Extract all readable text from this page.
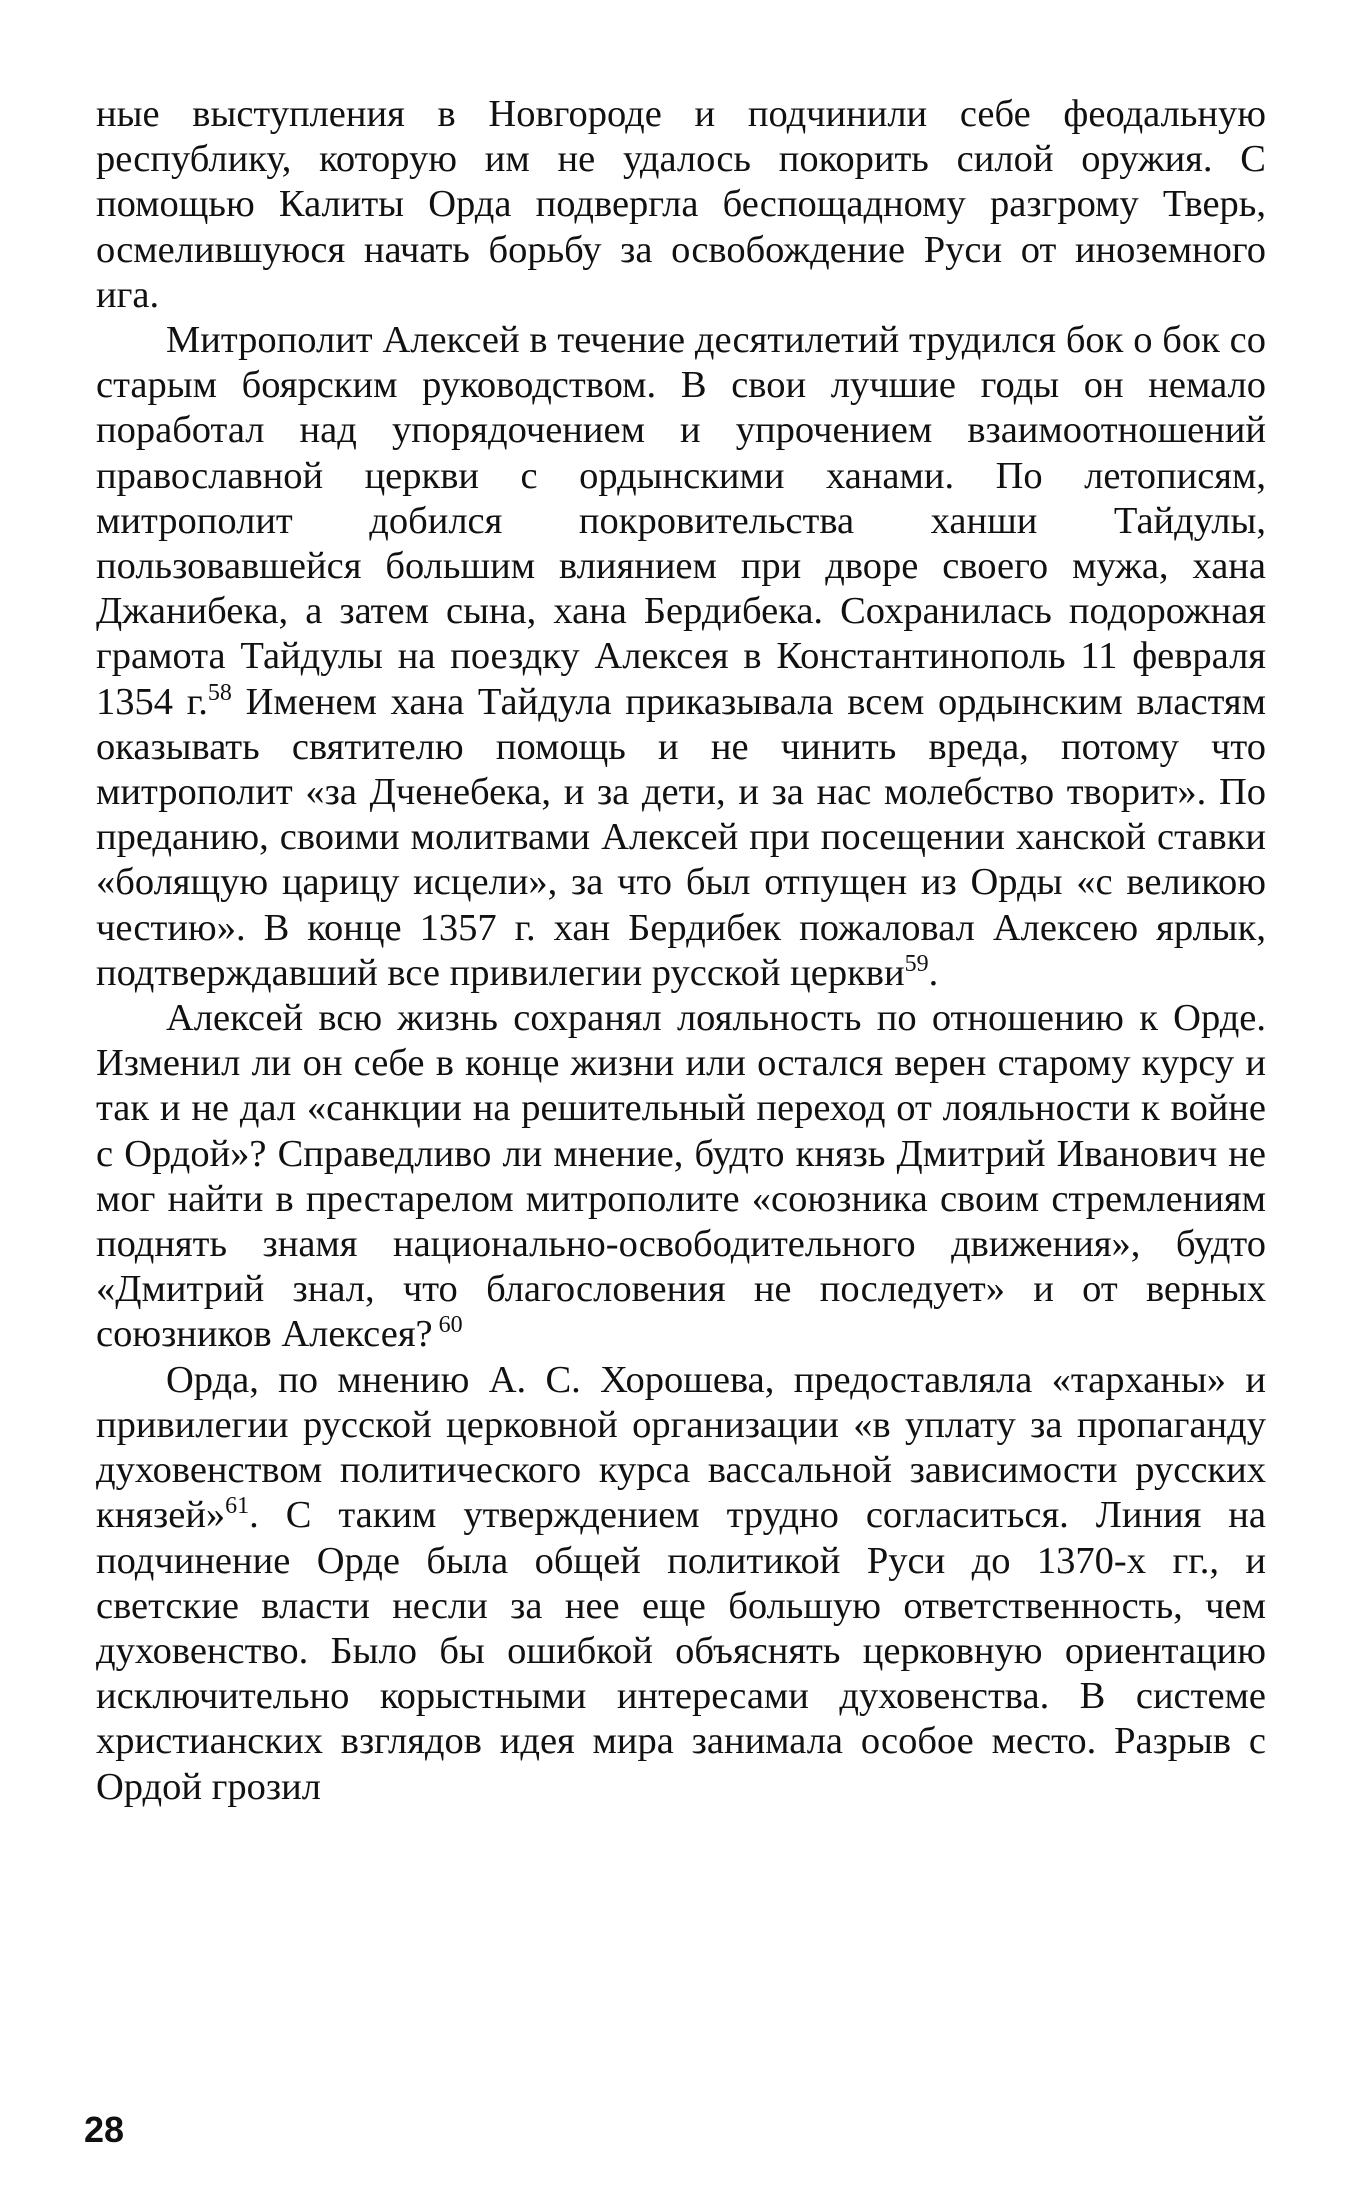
ные выступления в Новгороде и подчинили себе феодальную республику, которую им не удалось покорить силой оружия. С помощью Калиты Орда подвергла беспощадному разгрому Тверь, осмелившуюся начать борьбу за освобождение Руси от иноземного ига.

Митрополит Алексей в течение десятилетий трудился бок о бок со старым боярским руководством. В свои лучшие годы он немало поработал над упорядочением и упрочением взаимоотношений православной церкви с ордынскими ханами. По летописям, митрополит добился покровительства ханши Тайдулы, пользовавшейся большим влиянием при дворе своего мужа, хана Джанибека, а затем сына, хана Бердибека. Сохранилась подорожная грамота Тайдулы на поездку Алексея в Константинополь 11 февраля 1354 г.$^{58}$ Именем хана Тайдула приказывала всем ордынским властям оказывать святителю помощь и не чинить вреда, потому что митрополит «за Дченебека, и за дети, и за нас молебство творит». По преданию, своими молитвами Алексей при посещении ханской ставки «болящую царицу исцели», за что был отпущен из Орды «с великою честию». В конце 1357 г. хан Бердибек пожаловал Алексею ярлык, подтверждавший все привилегии русской церкви$^{59}$.

Алексей всю жизнь сохранял лояльность по отношению к Орде. Изменил ли он себе в конце жизни или остался верен старому курсу и так и не дал «санкции на решительный переход от лояльности к войне с Ордой»? Справедливо ли мнение, будто князь Дмитрий Иванович не мог найти в престарелом митрополите «союзника своим стремлениям поднять знамя национально-освободительного движения», будто «Дмитрий знал, что благословения не последует» и от верных союзников Алексея? $^{60}$

Орда, по мнению А. С. Хорошева, предоставляла «тарханы» и привилегии русской церковной организации «в уплату за пропаганду духовенством политического курса вассальной зависимости русских князей»$^{61}$. С таким утверждением трудно согласиться. Линия на подчинение Орде была общей политикой Руси до 1370-х гг., и светские власти несли за нее еще большую ответственность, чем духовенство. Было бы ошибкой объяснять церковную ориентацию исключительно корыстными интересами духовенства. В системе христианских взглядов идея мира занимала особое место. Разрыв с Ордой грозил

28
